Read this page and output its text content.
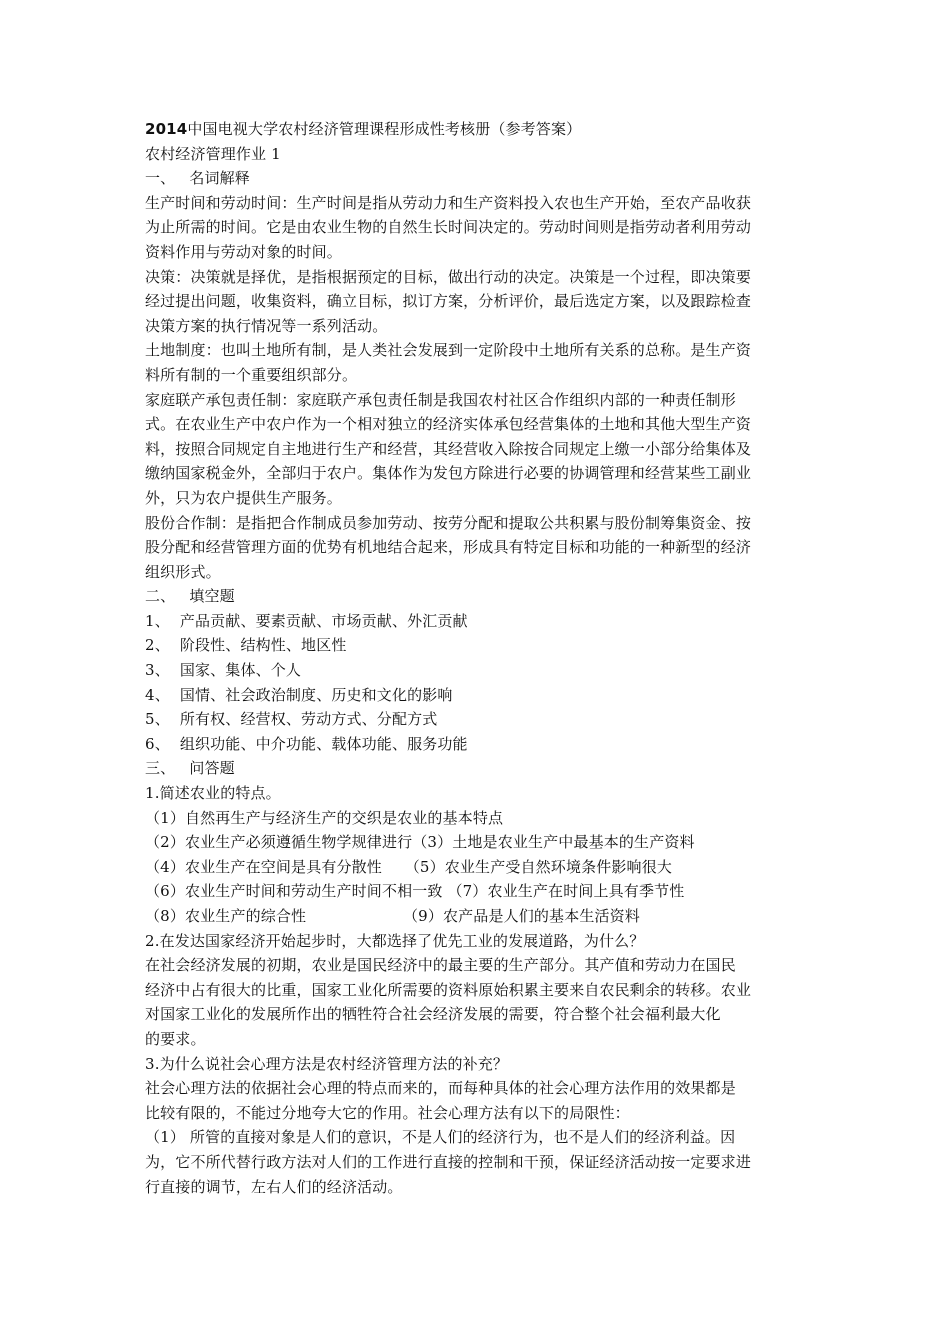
2014中国电视大学农村经济管理课程形成性考核册（参考答案）
农村经济管理作业 1
一、 名词解释
生产时间和劳动时间：生产时间是指从劳动力和生产资料投入农也生产开始，至农产品收获
为止所需的时间。它是由农业生物的自然生长时间决定的。劳动时间则是指劳动者利用劳动
资料作用与劳动对象的时间。
决策：决策就是择优，是指根据预定的目标，做出行动的决定。决策是一个过程，即决策要
经过提出问题，收集资料，确立目标，拟订方案，分析评价，最后选定方案，以及跟踪检查
决策方案的执行情况等一系列活动。
土地制度：也叫土地所有制，是人类社会发展到一定阶段中土地所有关系的总称。是生产资
料所有制的一个重要组织部分。
家庭联产承包责任制：家庭联产承包责任制是我国农村社区合作组织内部的一种责任制形
式。在农业生产中农户作为一个相对独立的经济实体承包经营集体的土地和其他大型生产资
料，按照合同规定自主地进行生产和经营，其经营收入除按合同规定上缴一小部分给集体及
缴纳国家税金外，全部归于农户。集体作为发包方除进行必要的协调管理和经营某些工副业
外，只为农户提供生产服务。
股份合作制：是指把合作制成员参加劳动、按劳分配和提取公共积累与股份制筹集资金、按
股分配和经营管理方面的优势有机地结合起来，形成具有特定目标和功能的一种新型的经济
组织形式。
二、 填空题
1、 产品贡献、要素贡献、市场贡献、外汇贡献
2、 阶段性、结构性、地区性
3、 国家、集体、个人
4、 国情、社会政治制度、历史和文化的影响
5、 所有权、经营权、劳动方式、分配方式
6、 组织功能、中介功能、载体功能、服务功能
三、 问答题
1.简述农业的特点。
（1）自然再生产与经济生产的交织是农业的基本特点
（2）农业生产必须遵循生物学规律进行（3）土地是农业生产中最基本的生产资料
（4）农业生产在空间是具有分散性　　（5）农业生产受自然环境条件影响很大
（6）农业生产时间和劳动生产时间不相一致 （7）农业生产在时间上具有季节性
（8）农业生产的综合性	（9）农产品是人们的基本生活资料
2.在发达国家经济开始起步时，大都选择了优先工业的发展道路，为什么？
在社会经济发展的初期，农业是国民经济中的最主要的生产部分。其产值和劳动力在国民
经济中占有很大的比重，国家工业化所需要的资料原始积累主要来自农民剩余的转移。农业
对国家工业化的发展所作出的牺牲符合社会经济发展的需要，符合整个社会福利最大化
的要求。
3.为什么说社会心理方法是农村经济管理方法的补充？
社会心理方法的依据社会心理的特点而来的，而每种具体的社会心理方法作用的效果都是
比较有限的，不能过分地夸大它的作用。社会心理方法有以下的局限性：
（1） 所管的直接对象是人们的意识，不是人们的经济行为，也不是人们的经济利益。因
为，它不所代替行政方法对人们的工作进行直接的控制和干预，保证经济活动按一定要求进
行直接的调节，左右人们的经济活动。
